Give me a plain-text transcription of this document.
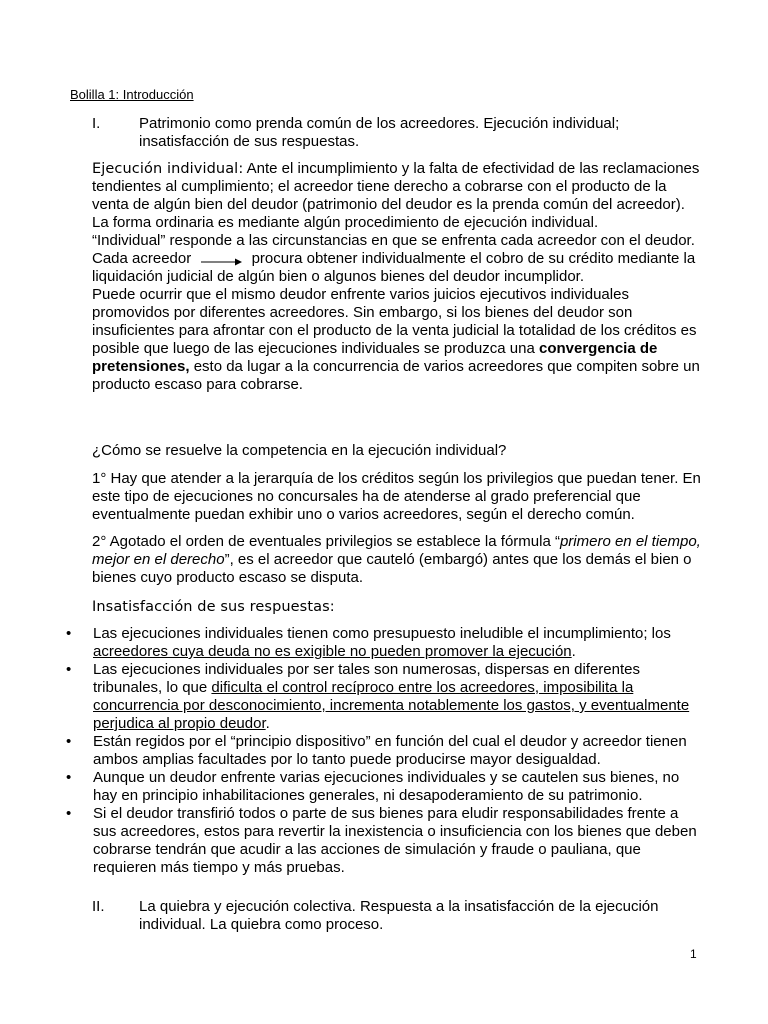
Bolilla 1: Introducción
I.	Patrimonio como prenda común de los acreedores. Ejecución individual;
insatisfacción de sus respuestas.
Ejecución individual: Ante el incumplimiento y la falta de efectividad de las reclamaciones tendientes al cumplimiento; el acreedor tiene derecho a cobrarse con el producto de la venta de algún bien del deudor (patrimonio del deudor es la prenda común del acreedor). La forma ordinaria es mediante algún procedimiento de ejecución individual.
“Individual” responde a las circunstancias en que se enfrenta cada acreedor con el deudor.
Cada acreedor	procura obtener individualmente el cobro de su crédito mediante la liquidación judicial de algún bien o algunos bienes del deudor incumplidor.
Puede ocurrir que el mismo deudor enfrente varios juicios ejecutivos individuales promovidos por diferentes acreedores. Sin embargo, si los bienes del deudor son insuficientes para afrontar con el producto de la venta judicial la totalidad de los créditos es posible que luego de las ejecuciones individuales se produzca una convergencia de pretensiones, esto da lugar a la concurrencia de varios acreedores que compiten sobre un producto escaso para cobrarse.
¿Cómo se resuelve la competencia en la ejecución individual?
1° Hay que atender a la jerarquía de los créditos según los privilegios que puedan tener. En este tipo de ejecuciones no concursales ha de atenderse al grado preferencial que eventualmente puedan exhibir uno o varios acreedores, según el derecho común.
2° Agotado el orden de eventuales privilegios se establece la fórmula “primero en el tiempo, mejor en el derecho”, es el acreedor que cauteló (embargó) antes que los demás el bien o bienes cuyo producto escaso se disputa.
Insatisfacción de sus respuestas:
• Las ejecuciones individuales tienen como presupuesto ineludible el incumplimiento; los acreedores cuya deuda no es exigible no pueden promover la ejecución.
• Las ejecuciones individuales por ser tales son numerosas, dispersas en diferentes tribunales, lo que dificulta el control recíproco entre los acreedores, imposibilita la concurrencia por desconocimiento, incrementa notablemente los gastos, y eventualmente perjudica al propio deudor.
• Están regidos por el “principio dispositivo” en función del cual el deudor y acreedor tienen ambos amplias facultades por lo tanto puede producirse mayor desigualdad.
• Aunque un deudor enfrente varias ejecuciones individuales y se cautelen sus bienes, no hay en principio inhabilitaciones generales, ni desapoderamiento de su patrimonio.
• Si el deudor transfirió todos o parte de sus bienes para eludir responsabilidades frente a sus acreedores, estos para revertir la inexistencia o insuficiencia con los bienes que deben cobrarse tendrán que acudir a las acciones de simulación y fraude o pauliana, que requieren más tiempo y más pruebas.
II. La quiebra y ejecución colectiva. Respuesta a la insatisfacción de la ejecución
individual. La quiebra como proceso.
1
